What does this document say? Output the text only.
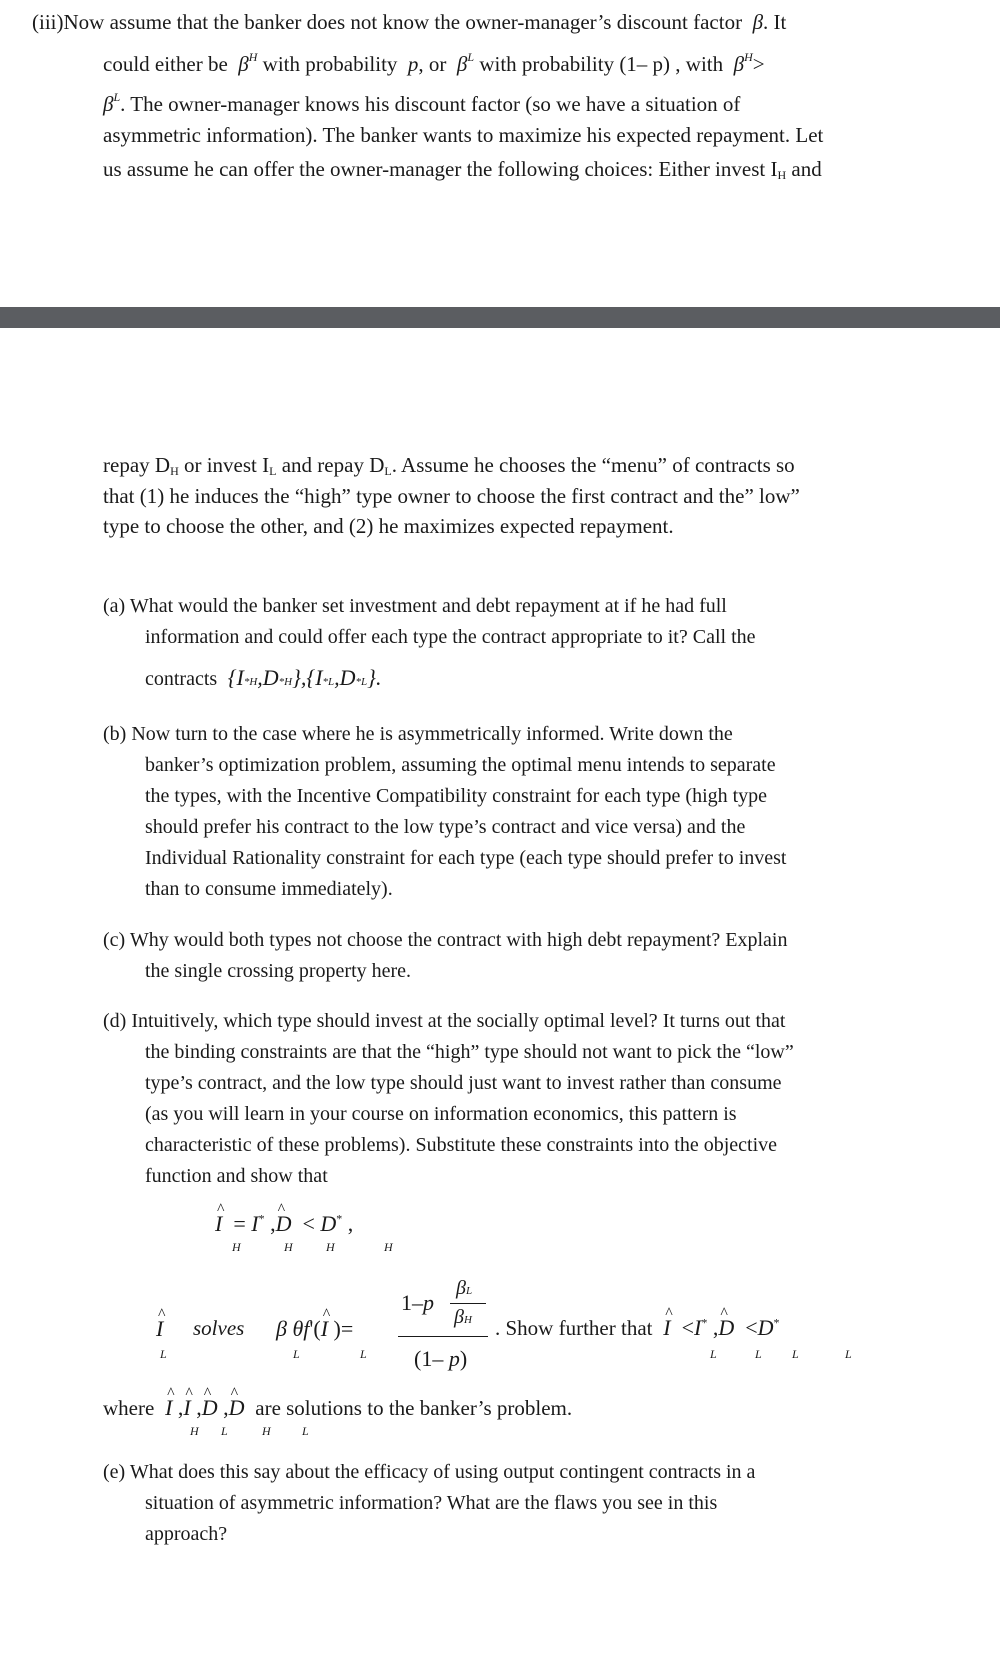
(iii)Now assume that the banker does not know the owner-manager’s discount factor  β. It
could either be  $\beta^H$ with probability  p, or  $\beta^L$ with probability (1– p) , with  $\beta^H>$
$\beta^L$. The owner-manager knows his discount factor (so we have a situation of
asymmetric information). The banker wants to maximize his expected repayment. Let
us assume he can offer the owner-manager the following choices: Either invest $I_H$ and
repay $D_H$ or invest $I_L$ and repay $D_L$. Assume he chooses the “menu” of contracts so
that (1) he induces the “high” type owner to choose the first contract and the” low”
type to choose the other, and (2) he maximizes expected repayment.
(a) What would the banker set investment and debt repayment at if he had full
information and could offer each type the contract appropriate to it? Call the
contracts  {I*H,D*H},{I*L,D*L}.
(b) Now turn to the case where he is asymmetrically informed. Write down the
banker’s optimization problem, assuming the optimal menu intends to separate
the types, with the Incentive Compatibility constraint for each type (high type
should prefer his contract to the low type’s contract and vice versa) and the
Individual Rationality constraint for each type (each type should prefer to invest
than to consume immediately).
(c) Why would both types not choose the contract with high debt repayment? Explain
the single crossing property here.
(d) Intuitively, which type should invest at the socially optimal level? It turns out that
the binding constraints are that the “high” type should not want to pick the “low”
type’s contract, and the low type should just want to invest rather than consume
(as you will learn in your course on information economics, this pattern is
characteristic of these problems). Substitute these constraints into the objective
function and show that
^ I  = I* ,^ D  < D* ,
H	H	H	H
^ I
L
solves β θf'(^ I )=
L	L
1–p
βL
βH
(1– p)
. Show further that ^ I  <I* ,^ D  <D*
L	L	L	L
where ^ I ,^ I ,^ D ,^ D are solutions to the banker’s problem.
H L	H	L
(e) What does this say about the efficacy of using output contingent contracts in a
situation of asymmetric information? What are the flaws you see in this
approach?
